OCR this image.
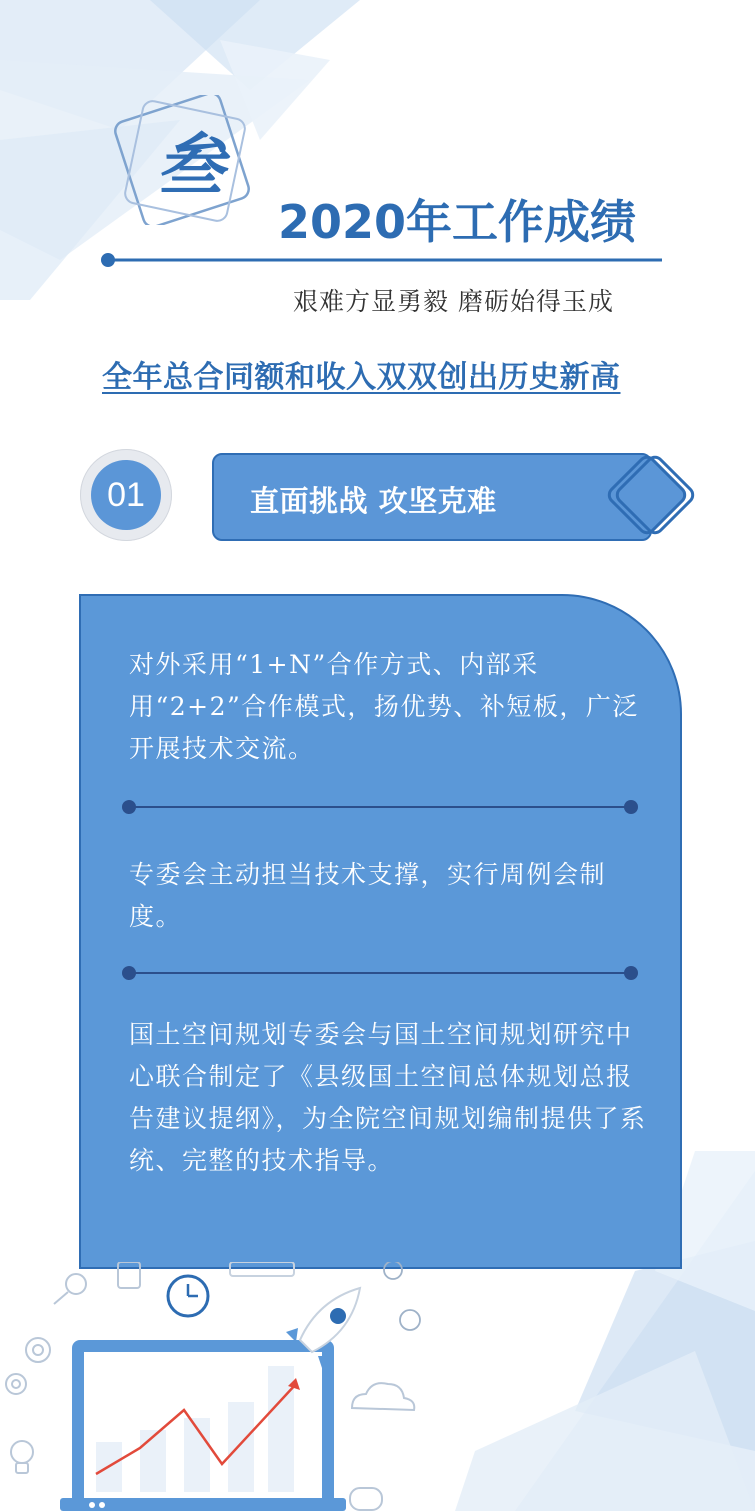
叁
2020年工作成绩
艰难方显勇毅 磨砺始得玉成
全年总合同额和收入双双创出历史新高
01	直面挑战 攻坚克难
对外采用“1+N”合作方式、内部采用“2+2”合作模式，扬优势、补短板，广泛开展技术交流。
专委会主动担当技术支撑，实行周例会制度。
国土空间规划专委会与国土空间规划研究中心联合制定了《县级国土空间总体规划总报告建议提纲》，为全院空间规划编制提供了系统、完整的技术指导。
